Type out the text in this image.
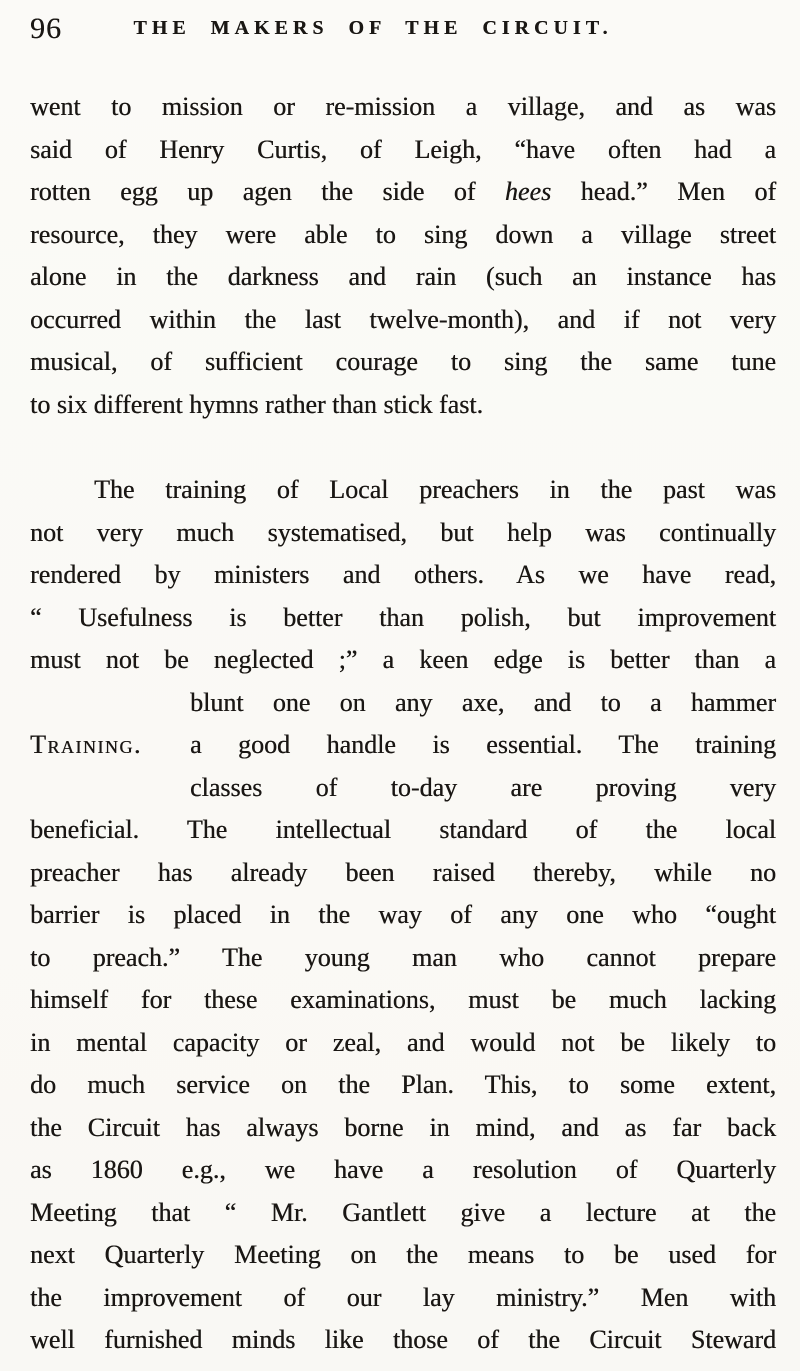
96	THE MAKERS OF THE CIRCUIT.
went to mission or re-mission a village, and as was
said of Henry Curtis, of Leigh, “have often had a
rotten egg up agen the side of hees head.” Men of
resource, they were able to sing down a village street
alone in the darkness and rain (such an instance has
occurred within the last twelve-month), and if not very
musical, of sufficient courage to sing the same tune
to six different hymns rather than stick fast.
The training of Local preachers in the past was
not very much systematised, but help was continually
rendered by ministers and others. As we have read,
“ Usefulness is better than polish, but improvement
must not be neglected ;” a keen edge is better than a
blunt one on any axe, and to a hammer
Training.	a good handle is essential. The training
classes of to-day are proving very
beneficial. The intellectual standard of the local
preacher has already been raised thereby, while no
barrier is placed in the way of any one who “ought
to preach.” The young man who cannot prepare
himself for these examinations, must be much lacking
in mental capacity or zeal, and would not be likely to
do much service on the Plan. This, to some extent,
the Circuit has always borne in mind, and as far back
as 1860 e.g., we have a resolution of Quarterly
Meeting that “ Mr. Gantlett give a lecture at the
next Quarterly Meeting on the means to be used for
the improvement of our lay ministry.” Men with
well furnished minds like those of the Circuit Steward
